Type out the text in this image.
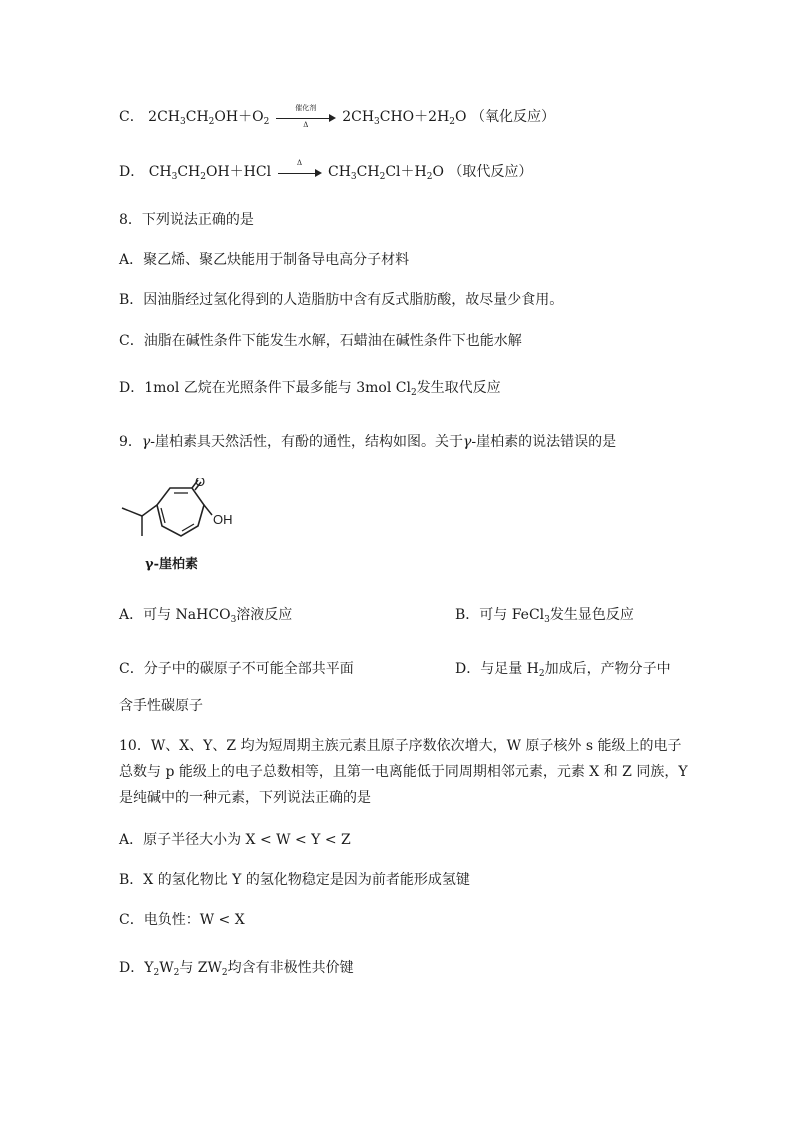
C． $2CH_3CH_2OH+O_2$
催化剂
Δ	$2CH_3CHO+2H_2O$ （氧化反应）
D． $CH_3CH_2OH+HCl$
Δ
$CH_3CH_2Cl+H_2O$ （取代反应）
8．下列说法正确的是
A．聚乙烯、聚乙炔能用于制备导电高分子材料
B．因油脂经过氢化得到的人造脂肪中含有反式脂肪酸，故尽量少食用。
C．油脂在碱性条件下能发生水解，石蜡油在碱性条件下也能水解
D．1mol 乙烷在光照条件下最多能与 3mol $Cl_2$发生取代反应
9．γ-崖柏素具天然活性，有酚的通性，结构如图。关于γ-崖柏素的说法错误的是
O
OH
γ-崖柏素
A．可与 NaHCO$_3$溶液反应	B．可与 FeCl$_3$发生显色反应
C．分子中的碳原子不可能全部共平面	D．与足量 $H_2$加成后，产物分子中
含手性碳原子
10．W、X、Y、Z 均为短周期主族元素且原子序数依次增大，W 原子核外 s 能级上的电子
总数与 p 能级上的电子总数相等，且第一电离能低于同周期相邻元素，元素 X 和 Z 同族，Y
是纯碱中的一种元素，下列说法正确的是
A．原子半径大小为 X < W < Y < Z
B．X 的氢化物比 Y 的氢化物稳定是因为前者能形成氢键
C．电负性：W < X
D．$Y_2W_2$与 $ZW_2$均含有非极性共价键
